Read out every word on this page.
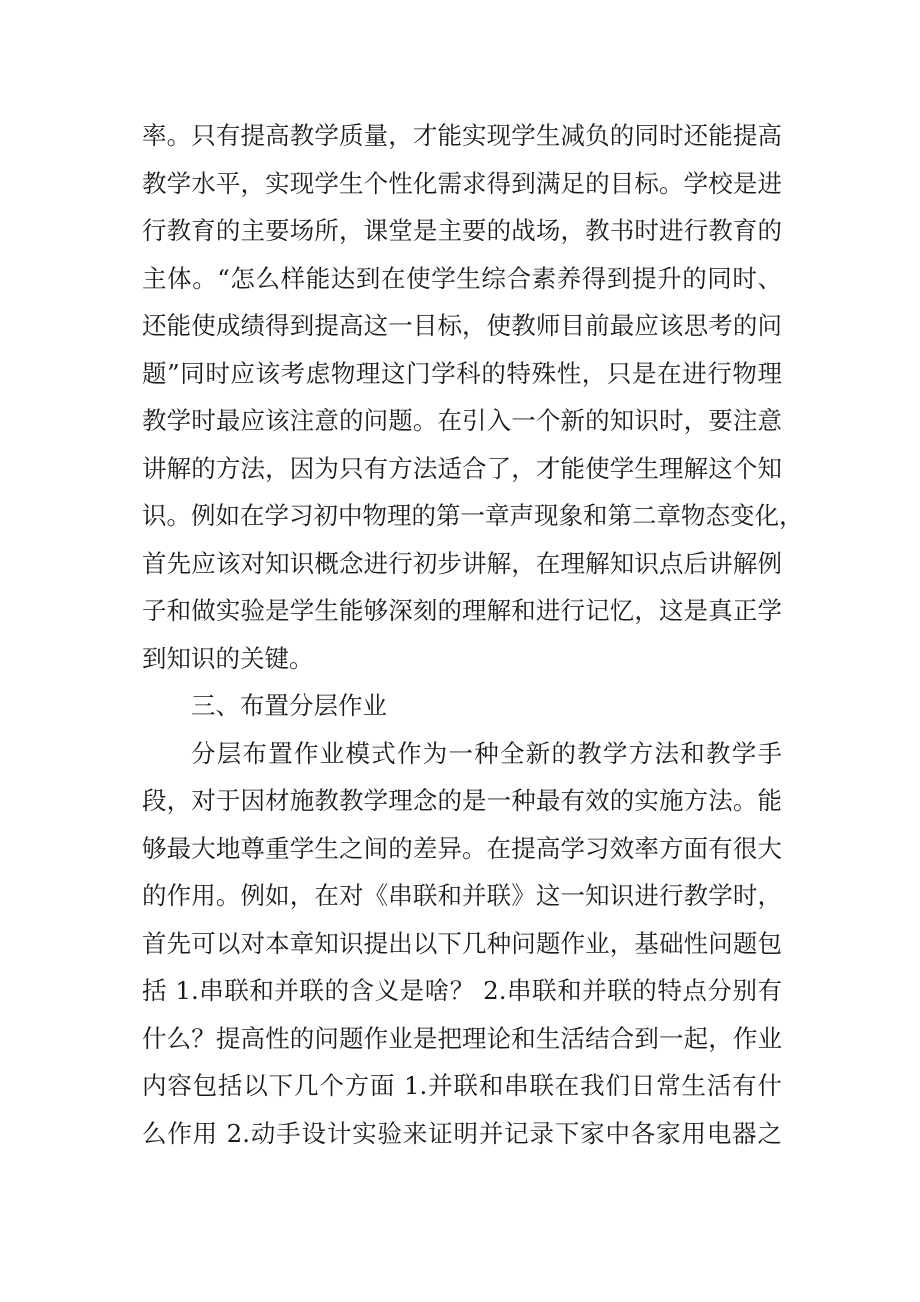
率。只有提高教学质量，才能实现学生减负的同时还能提高
教学水平，实现学生个性化需求得到满足的目标。学校是进
行教育的主要场所，课堂是主要的战场，教书时进行教育的
主体。“怎么样能达到在使学生综合素养得到提升的同时、
还能使成绩得到提高这一目标，使教师目前最应该思考的问
题”同时应该考虑物理这门学科的特殊性，只是在进行物理
教学时最应该注意的问题。在引入一个新的知识时，要注意
讲解的方法，因为只有方法适合了，才能使学生理解这个知
识。例如在学习初中物理的第一章声现象和第二章物态变化，
首先应该对知识概念进行初步讲解，在理解知识点后讲解例
子和做实验是学生能够深刻的理解和进行记忆，这是真正学
到知识的关键。
三、布置分层作业
分层布置作业模式作为一种全新的教学方法和教学手
段，对于因材施教教学理念的是一种最有效的实施方法。能
够最大地尊重学生之间的差异。在提高学习效率方面有很大
的作用。例如，在对《串联和并联》这一知识进行教学时，
首先可以对本章知识提出以下几种问题作业，基础性问题包
括 1.串联和并联的含义是啥？ 2.串联和并联的特点分别有
什么？提高性的问题作业是把理论和生活结合到一起，作业
内容包括以下几个方面 1.并联和串联在我们日常生活有什
么作用 2.动手设计实验来证明并记录下家中各家用电器之
